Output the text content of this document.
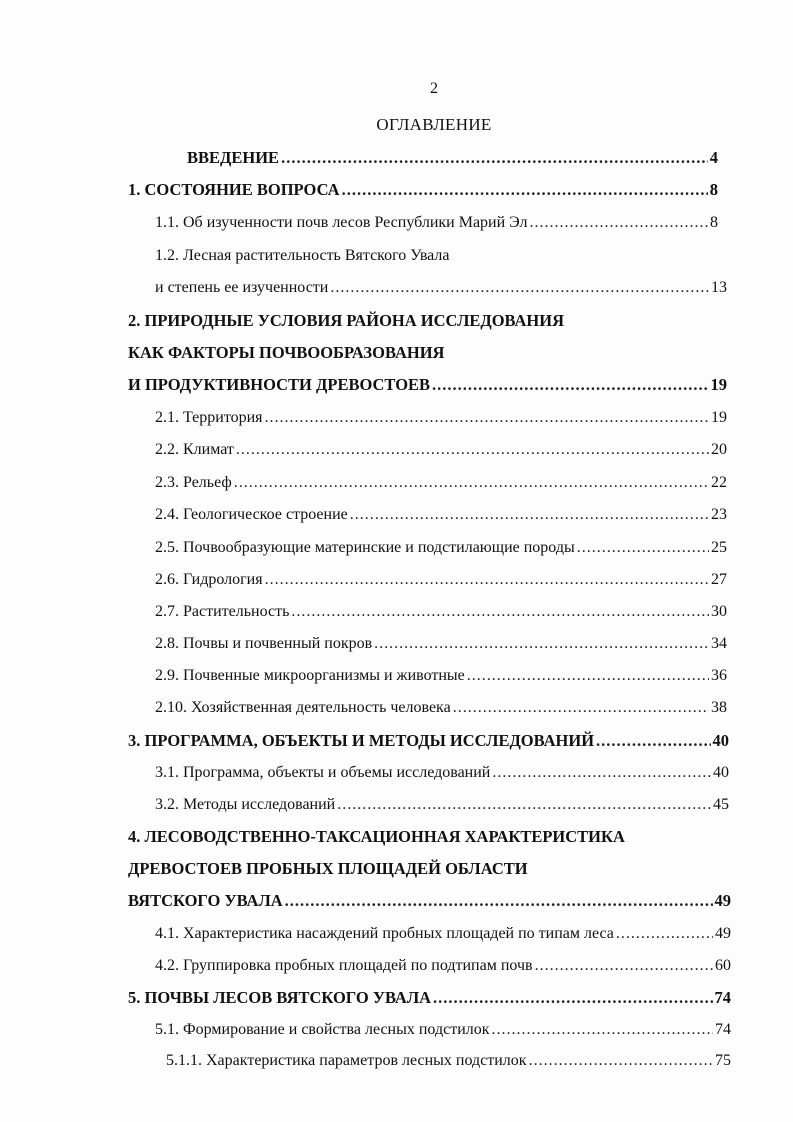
2
ОГЛАВЛЕНИЕ
ВВЕДЕНИЕ .....	4
1. СОСТОЯНИЕ ВОПРОСА .....	8
1.1. Об изученности почв лесов Республики Марий Эл .....	8
1.2. Лесная растительность Вятского Увала
и степень ее изученности .....	13
2. ПРИРОДНЫЕ УСЛОВИЯ РАЙОНА ИССЛЕДОВАНИЯ
КАК ФАКТОРЫ ПОЧВООБРАЗОВАНИЯ
И ПРОДУКТИВНОСТИ ДРЕВОСТОЕВ .....	19
2.1. Территория .....	19
2.2. Климат .....	20
2.3. Рельеф .....	22
2.4. Геологическое строение .....	23
2.5. Почвообразующие материнские и подстилающие породы .....	25
2.6. Гидрология .....	27
2.7. Растительность .....	30
2.8. Почвы и почвенный покров .....	34
2.9. Почвенные микроорганизмы и животные .....	36
2.10. Хозяйственная деятельность человека .....	38
3. ПРОГРАММА, ОБЪЕКТЫ И МЕТОДЫ ИССЛЕДОВАНИЙ .....	40
3.1. Программа, объекты и объемы исследований .....	40
3.2. Методы исследований .....	45
4. ЛЕСОВОДСТВЕННО-ТАКСАЦИОННАЯ ХАРАКТЕРИСТИКА
ДРЕВОСТОЕВ ПРОБНЫХ ПЛОЩАДЕЙ ОБЛАСТИ
ВЯТСКОГО УВАЛА .....	49
4.1. Характеристика насаждений пробных площадей по типам леса .....	49
4.2. Группировка пробных площадей по подтипам почв .....	60
5. ПОЧВЫ ЛЕСОВ ВЯТСКОГО УВАЛА .....	74
5.1. Формирование и свойства лесных подстилок .....	74
5.1.1. Характеристика параметров лесных подстилок .....	75
